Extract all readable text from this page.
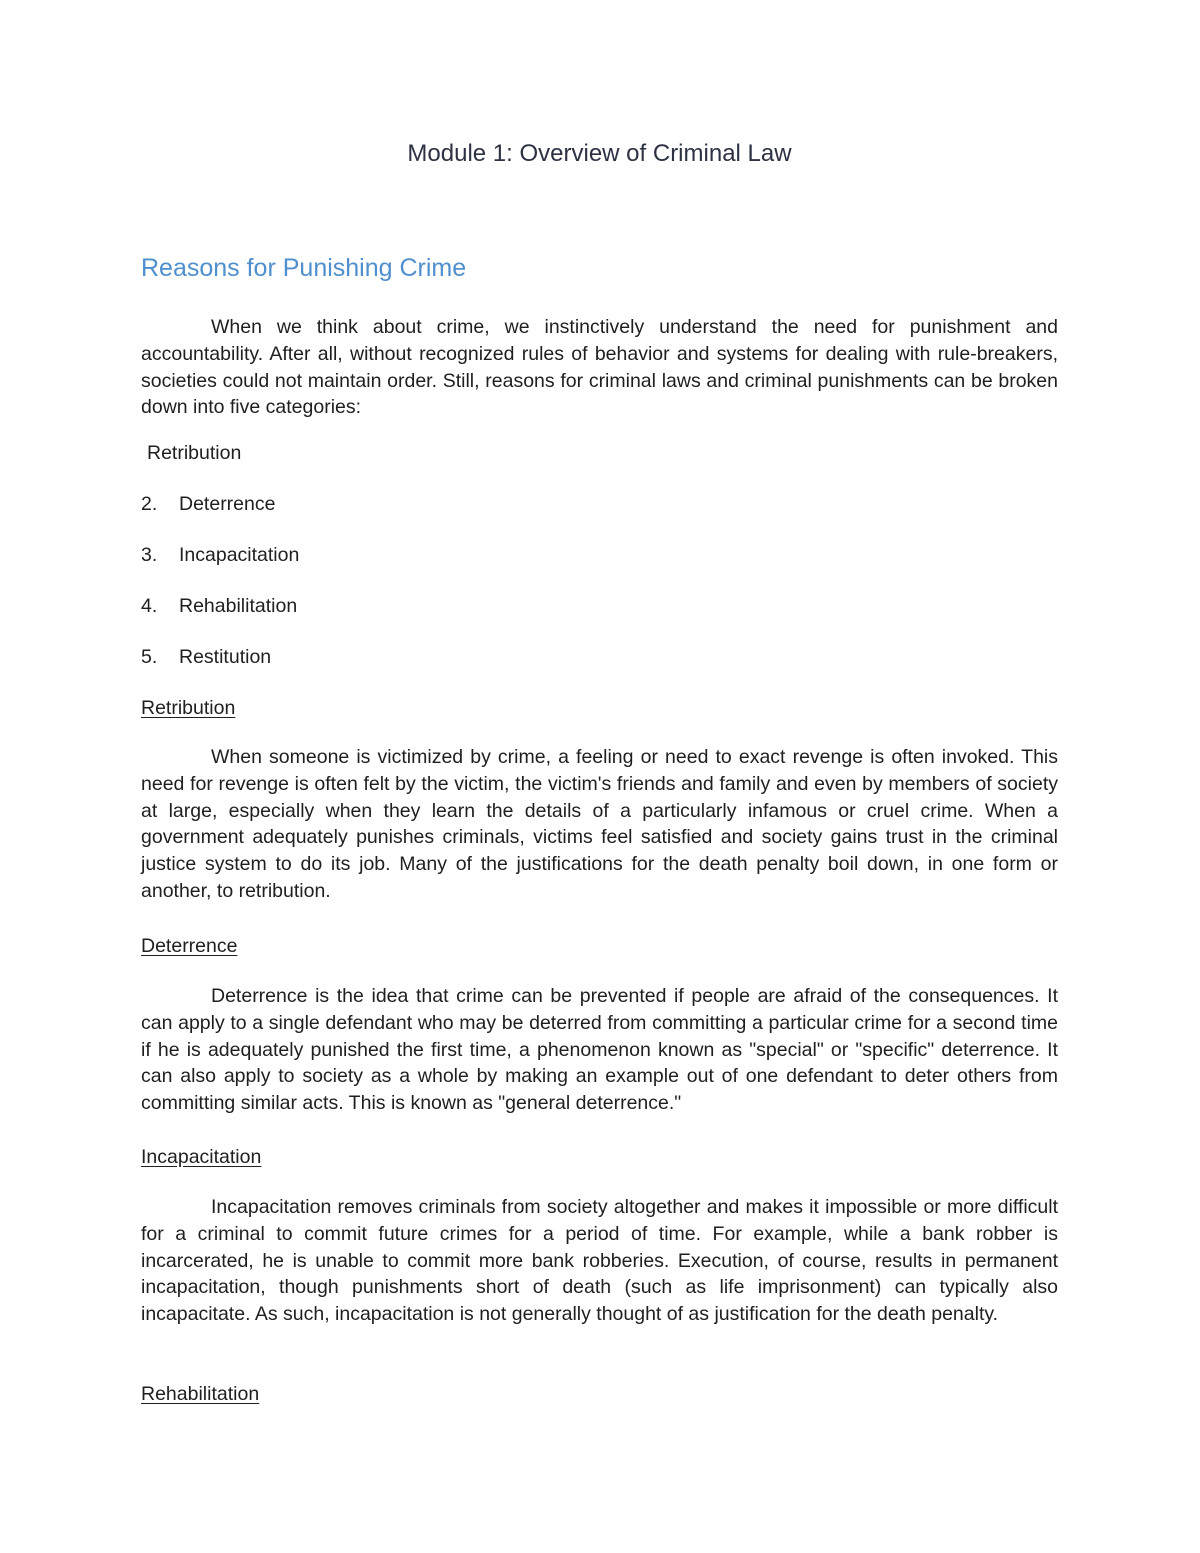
Module 1: Overview of Criminal Law
Reasons for Punishing Crime

When we think about crime, we instinctively understand the need for punishment and accountability. After all, without recognized rules of behavior and systems for dealing with rule-breakers, societies could not maintain order. Still, reasons for criminal laws and criminal punishments can be broken down into five categories:

Retribution

2. Deterrence

3. Incapacitation

4. Rehabilitation

5. Restitution

Retribution

When someone is victimized by crime, a feeling or need to exact revenge is often invoked. This need for revenge is often felt by the victim, the victim's friends and family and even by members of society at large, especially when they learn the details of a particularly infamous or cruel crime. When a government adequately punishes criminals, victims feel satisfied and society gains trust in the criminal justice system to do its job. Many of the justifications for the death penalty boil down, in one form or another, to retribution.

Deterrence

Deterrence is the idea that crime can be prevented if people are afraid of the consequences. It can apply to a single defendant who may be deterred from committing a particular crime for a second time if he is adequately punished the first time, a phenomenon known as "special" or "specific" deterrence. It can also apply to society as a whole by making an example out of one defendant to deter others from committing similar acts. This is known as "general deterrence."

Incapacitation

Incapacitation removes criminals from society altogether and makes it impossible or more difficult for a criminal to commit future crimes for a period of time. For example, while a bank robber is incarcerated, he is unable to commit more bank robberies. Execution, of course, results in permanent incapacitation, though punishments short of death (such as life imprisonment) can typically also incapacitate. As such, incapacitation is not generally thought of as justification for the death penalty.

Rehabilitation
